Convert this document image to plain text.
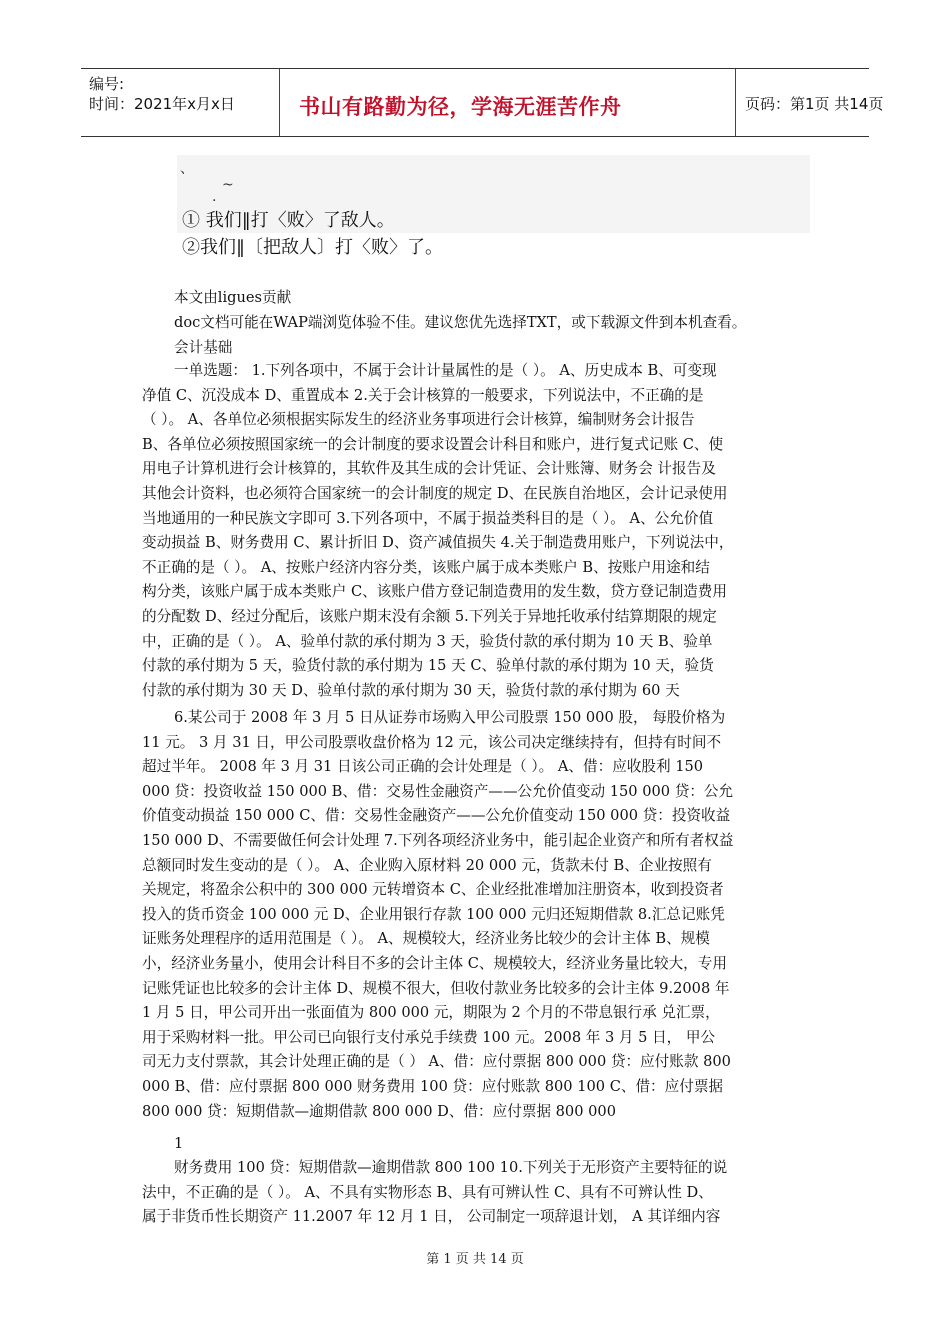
编号:
时间：2021年x月x日	书山有路勤为径，学海无涯苦作舟	页码：第1页 共14页
、
~
.
① 我们‖打〈败〉了敌人。
②我们‖〔把敌人〕打〈败〉了。
本文由ligues贡献
doc文档可能在WAP端浏览体验不佳。建议您优先选择TXT，或下载源文件到本机查看。
会计基础
一单选题： 1.下列各项中，不属于会计计量属性的是（ ）。 A、历史成本 B、可变现
净值 C、沉没成本 D、重置成本 2.关于会计核算的一般要求，下列说法中，不正确的是
（ ）。 A、各单位必须根据实际发生的经济业务事项进行会计核算，编制财务会计报告
B、各单位必须按照国家统一的会计制度的要求设置会计科目和账户，进行复式记账 C、使
用电子计算机进行会计核算的，其软件及其生成的会计凭证、会计账簿、财务会 计报告及
其他会计资料，也必须符合国家统一的会计制度的规定 D、在民族自治地区，会计记录使用
当地通用的一种民族文字即可 3.下列各项中，不属于损益类科目的是（ ）。 A、公允价值
变动损益 B、财务费用 C、累计折旧 D、资产减值损失 4.关于制造费用账户，下列说法中，
不正确的是（ ）。 A、按账户经济内容分类，该账户属于成本类账户 B、按账户用途和结
构分类，该账户属于成本类账户 C、该账户借方登记制造费用的发生数，贷方登记制造费用
的分配数 D、经过分配后，该账户期末没有余额 5.下列关于异地托收承付结算期限的规定
中，正确的是（ ）。 A、验单付款的承付期为 3 天，验货付款的承付期为 10 天 B、验单
付款的承付期为 5 天，验货付款的承付期为 15 天 C、验单付款的承付期为 10 天，验货
付款的承付期为 30 天 D、验单付款的承付期为 30 天，验货付款的承付期为 60 天
6.某公司于 2008 年 3 月 5 日从证券市场购入甲公司股票 150 000 股， 每股价格为
11 元。 3 月 31 日，甲公司股票收盘价格为 12 元，该公司决定继续持有，但持有时间不
超过半年。 2008 年 3 月 31 日该公司正确的会计处理是（ ）。 A、借：应收股利 150
000 贷：投资收益 150 000 B、借：交易性金融资产——公允价值变动 150 000 贷：公允
价值变动损益 150 000 C、借：交易性金融资产——公允价值变动 150 000 贷：投资收益
150 000 D、不需要做任何会计处理 7.下列各项经济业务中，能引起企业资产和所有者权益
总额同时发生变动的是（ ）。 A、企业购入原材料 20 000 元，货款未付 B、企业按照有
关规定，将盈余公积中的 300 000 元转增资本 C、企业经批准增加注册资本，收到投资者
投入的货币资金 100 000 元 D、企业用银行存款 100 000 元归还短期借款 8.汇总记账凭
证账务处理程序的适用范围是（ ）。 A、规模较大，经济业务比较少的会计主体 B、规模
小，经济业务量小，使用会计科目不多的会计主体 C、规模较大，经济业务量比较大，专用
记账凭证也比较多的会计主体 D、规模不很大，但收付款业务比较多的会计主体 9.2008 年
1 月 5 日，甲公司开出一张面值为 800 000 元，期限为 2 个月的不带息银行承 兑汇票，
用于采购材料一批。甲公司已向银行支付承兑手续费 100 元。2008 年 3 月 5 日， 甲公
司无力支付票款，其会计处理正确的是（ ） A、借：应付票据 800 000 贷：应付账款 800
000 B、借：应付票据 800 000 财务费用 100 贷：应付账款 800 100 C、借：应付票据
800 000 贷：短期借款—逾期借款 800 000 D、借：应付票据 800 000
1
财务费用 100 贷：短期借款—逾期借款 800 100 10.下列关于无形资产主要特征的说
法中，不正确的是（ ）。 A、不具有实物形态 B、具有可辨认性 C、具有不可辨认性 D、
属于非货币性长期资产 11.2007 年 12 月 1 日， 公司制定一项辞退计划， A 其详细内容
第 1 页 共 14 页
